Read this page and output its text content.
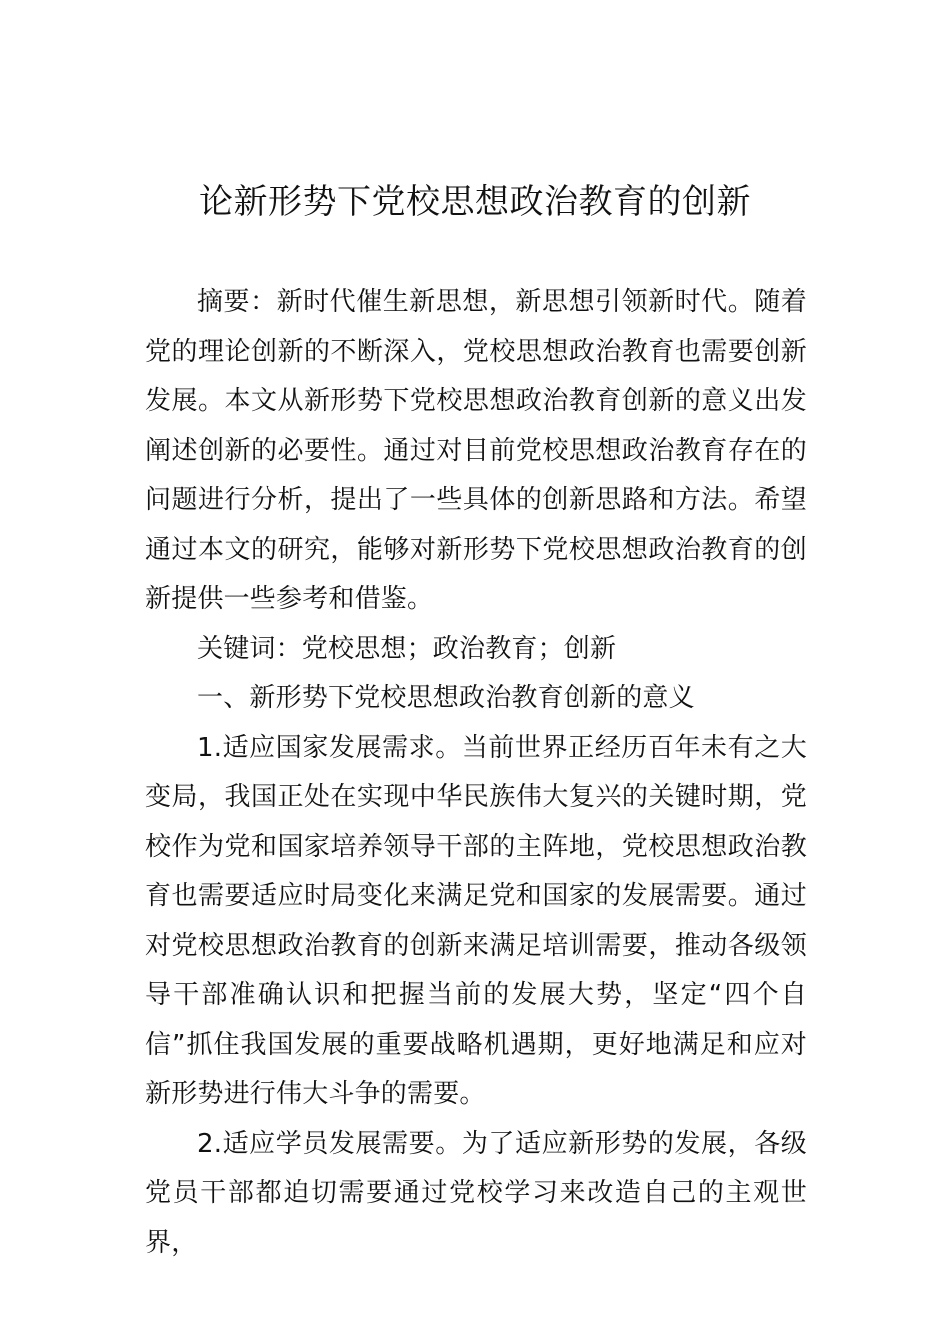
论新形势下党校思想政治教育的创新

摘要：新时代催生新思想，新思想引领新时代。随着党的理论创新的不断深入，党校思想政治教育也需要创新发展。本文从新形势下党校思想政治教育创新的意义出发阐述创新的必要性。通过对目前党校思想政治教育存在的问题进行分析，提出了一些具体的创新思路和方法。希望通过本文的研究，能够对新形势下党校思想政治教育的创新提供一些参考和借鉴。

关键词：党校思想；政治教育；创新

一、新形势下党校思想政治教育创新的意义

1.适应国家发展需求。当前世界正经历百年未有之大变局，我国正处在实现中华民族伟大复兴的关键时期，党校作为党和国家培养领导干部的主阵地，党校思想政治教育也需要适应时局变化来满足党和国家的发展需要。通过对党校思想政治教育的创新来满足培训需要，推动各级领导干部准确认识和把握当前的发展大势，坚定“四个自信”抓住我国发展的重要战略机遇期，更好地满足和应对新形势进行伟大斗争的需要。

2.适应学员发展需要。为了适应新形势的发展，各级党员干部都迫切需要通过党校学习来改造自己的主观世界，
